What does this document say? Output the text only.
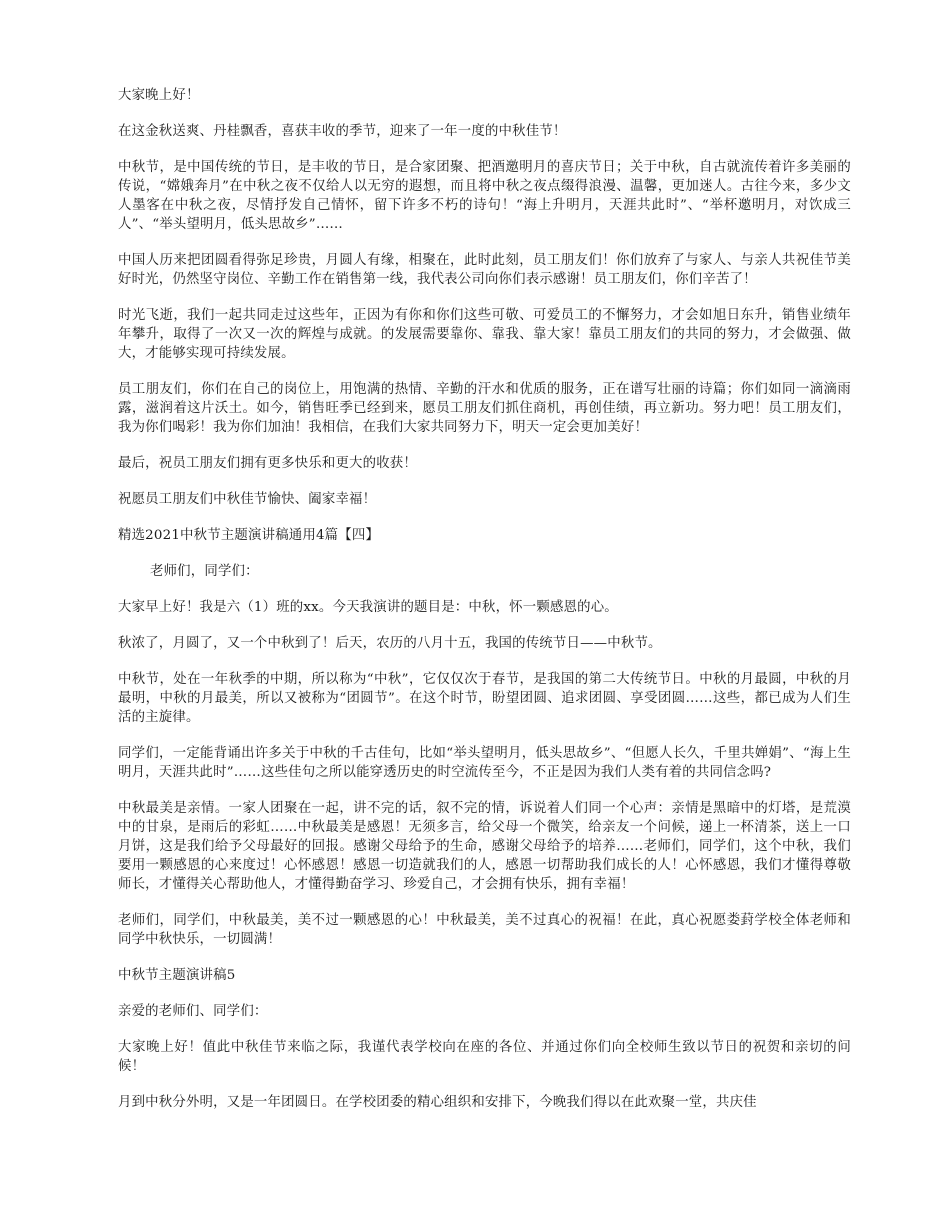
大家晚上好！

在这金秋送爽、丹桂飘香，喜获丰收的季节，迎来了一年一度的中秋佳节！

中秋节，是中国传统的节日，是丰收的节日，是合家团聚、把酒邀明月的喜庆节日；关于中秋，自古就流传着许多美丽的传说，“嫦娥奔月”在中秋之夜不仅给人以无穷的遐想，而且将中秋之夜点缀得浪漫、温馨，更加迷人。古往今来，多少文人墨客在中秋之夜，尽情抒发自己情怀，留下许多不朽的诗句！“海上升明月，天涯共此时”、“举杯邀明月，对饮成三人”、“举头望明月，低头思故乡”……

中国人历来把团圆看得弥足珍贵，月圆人有缘，相聚在，此时此刻，员工朋友们！你们放弃了与家人、与亲人共祝佳节美好时光，仍然坚守岗位、辛勤工作在销售第一线，我代表公司向你们表示感谢！员工朋友们，你们辛苦了！

时光飞逝，我们一起共同走过这些年，正因为有你和你们这些可敬、可爱员工的不懈努力，才会如旭日东升，销售业绩年年攀升，取得了一次又一次的辉煌与成就。的发展需要靠你、靠我、靠大家！靠员工朋友们的共同的努力，才会做强、做大，才能够实现可持续发展。

员工朋友们，你们在自己的岗位上，用饱满的热情、辛勤的汗水和优质的服务，正在谱写壮丽的诗篇；你们如同一滴滴雨露，滋润着这片沃土。如今，销售旺季已经到来，愿员工朋友们抓住商机，再创佳绩，再立新功。努力吧！员工朋友们，我为你们喝彩！我为你们加油！我相信，在我们大家共同努力下，明天一定会更加美好！

最后，祝员工朋友们拥有更多快乐和更大的收获！

祝愿员工朋友们中秋佳节愉快、阖家幸福！

精选2021中秋节主题演讲稿通用4篇【四】

老师们，同学们：

大家早上好！我是六（1）班的xx。今天我演讲的题目是：中秋，怀一颗感恩的心。

秋浓了，月圆了，又一个中秋到了！后天，农历的八月十五，我国的传统节日——中秋节。

中秋节，处在一年秋季的中期，所以称为“中秋”，它仅仅次于春节，是我国的第二大传统节日。中秋的月最圆，中秋的月最明，中秋的月最美，所以又被称为“团圆节”。在这个时节，盼望团圆、追求团圆、享受团圆……这些，都已成为人们生活的主旋律。

同学们，一定能背诵出许多关于中秋的千古佳句，比如“举头望明月，低头思故乡”、“但愿人长久，千里共婵娟”、“海上生明月，天涯共此时”……这些佳句之所以能穿透历史的时空流传至今，不正是因为我们人类有着的共同信念吗?

中秋最美是亲情。一家人团聚在一起，讲不完的话，叙不完的情，诉说着人们同一个心声：亲情是黑暗中的灯塔，是荒漠中的甘泉，是雨后的彩虹……中秋最美是感恩！无须多言，给父母一个微笑，给亲友一个问候，递上一杯清茶，送上一口月饼，这是我们给予父母最好的回报。感谢父母给予的生命，感谢父母给予的培养……老师们，同学们，这个中秋，我们要用一颗感恩的心来度过！心怀感恩！感恩一切造就我们的人，感恩一切帮助我们成长的人！心怀感恩，我们才懂得尊敬师长，才懂得关心帮助他人，才懂得勤奋学习、珍爱自己，才会拥有快乐，拥有幸福！

老师们，同学们，中秋最美，美不过一颗感恩的心！中秋最美，美不过真心的祝福！在此，真心祝愿娄葑学校全体老师和同学中秋快乐，一切圆满！

中秋节主题演讲稿5

亲爱的老师们、同学们：

大家晚上好！值此中秋佳节来临之际，我谨代表学校向在座的各位、并通过你们向全校师生致以节日的祝贺和亲切的问候！

月到中秋分外明，又是一年团圆日。在学校团委的精心组织和安排下，今晚我们得以在此欢聚一堂，共庆佳
